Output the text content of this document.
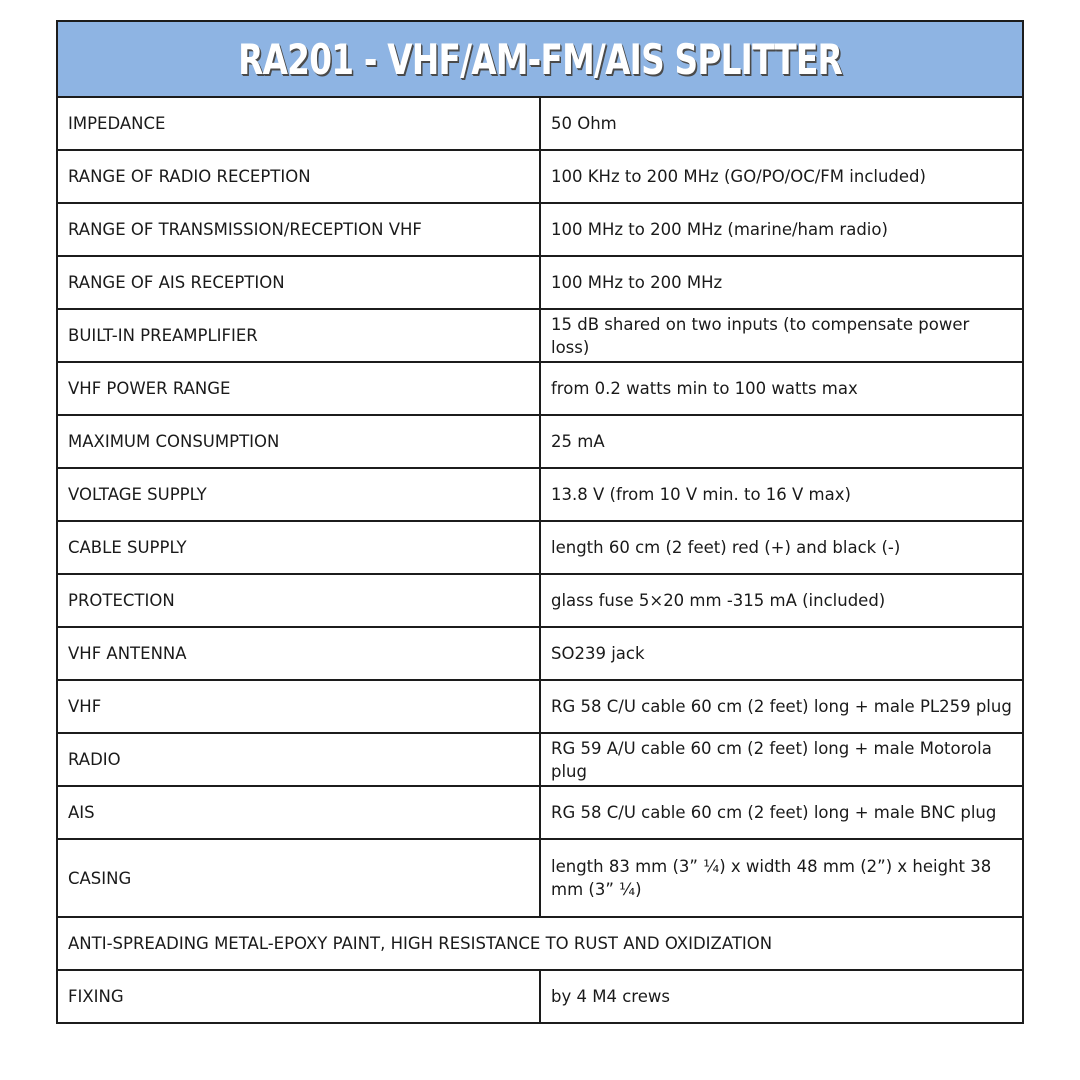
RA201 - VHF/AM-FM/AIS SPLITTER	
IMPEDANCE	50 Ohm
RANGE OF RADIO RECEPTION	100 KHz to 200 MHz (GO/PO/OC/FM included)
RANGE OF TRANSMISSION/RECEPTION VHF	100 MHz to 200 MHz (marine/ham radio)
RANGE OF AIS RECEPTION	100 MHz to 200 MHz
BUILT-IN PREAMPLIFIER	15 dB shared on two inputs (to compensate power loss)
VHF POWER RANGE	from 0.2 watts min to 100 watts max
MAXIMUM CONSUMPTION	25 mA
VOLTAGE SUPPLY	13.8 V (from 10 V min. to 16 V max)
CABLE SUPPLY	length 60 cm (2 feet) red (+) and black (-)
PROTECTION	glass fuse 5×20 mm -315 mA (included)
VHF ANTENNA	SO239 jack
VHF	RG 58 C/U cable 60 cm (2 feet) long + male PL259 plug
RADIO	RG 59 A/U cable 60 cm (2 feet) long + male Motorola plug
AIS	RG 58 C/U cable 60 cm (2 feet) long + male BNC plug
CASING	length 83 mm (3” ¼) x width 48 mm (2”) x height 38 mm (3” ¼)
ANTI-SPREADING METAL-EPOXY PAINT, HIGH RESISTANCE TO RUST AND OXIDIZATION	
FIXING	by 4 M4 crews
